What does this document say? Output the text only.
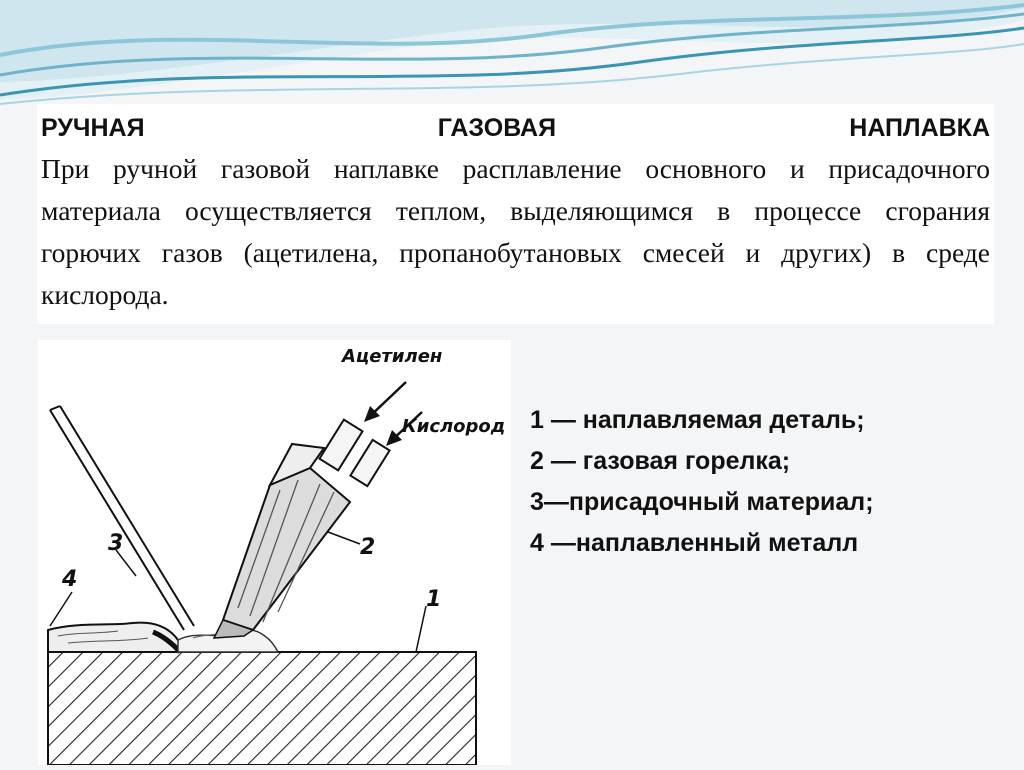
РУЧНАЯ	ГАЗОВАЯ	НАПЛАВКА
При ручной газовой наплавке расплавление основного и присадочного материала осуществляется теплом, выделяющимся в процессе сгорания горючих газов (ацетилена, пропанобутановых смесей и других) в среде кислорода.
Ацетилен
Кислород
2
1
3
4
1 — наплавляемая деталь;
2 — газовая горелка;
3—присадочный материал;
4 —наплавленный металл
